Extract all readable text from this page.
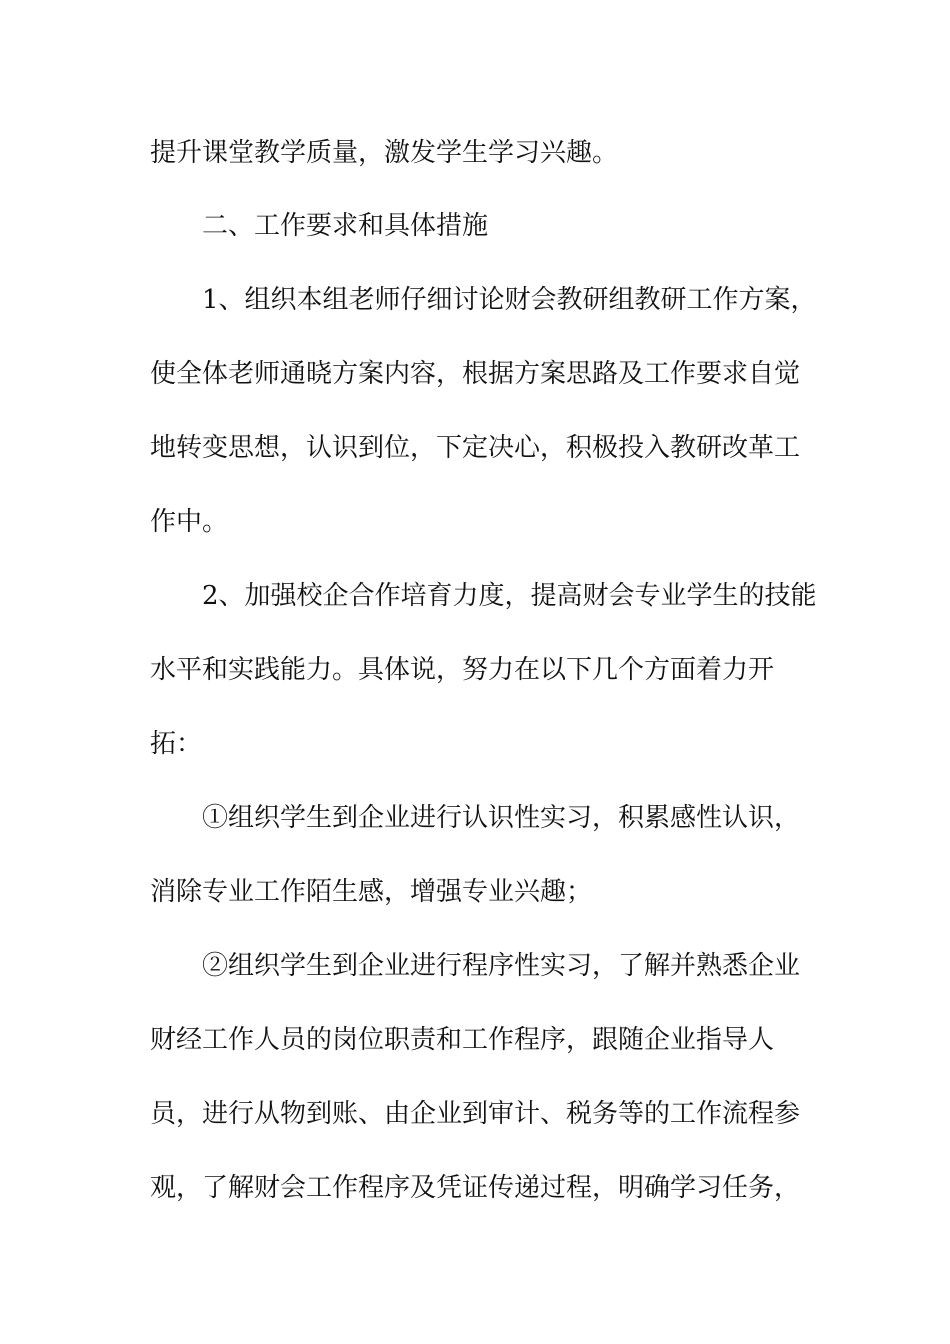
提升课堂教学质量，激发学生学习兴趣。
二、工作要求和具体措施
1、组织本组老师仔细讨论财会教研组教研工作方案，
使全体老师通晓方案内容，根据方案思路及工作要求自觉
地转变思想，认识到位，下定决心，积极投入教研改革工
作中。
2、加强校企合作培育力度，提高财会专业学生的技能
水平和实践能力。具体说，努力在以下几个方面着力开
拓：
①组织学生到企业进行认识性实习，积累感性认识，
消除专业工作陌生感，增强专业兴趣；
②组织学生到企业进行程序性实习，了解并熟悉企业
财经工作人员的岗位职责和工作程序，跟随企业指导人
员，进行从物到账、由企业到审计、税务等的工作流程参
观，了解财会工作程序及凭证传递过程，明确学习任务，
